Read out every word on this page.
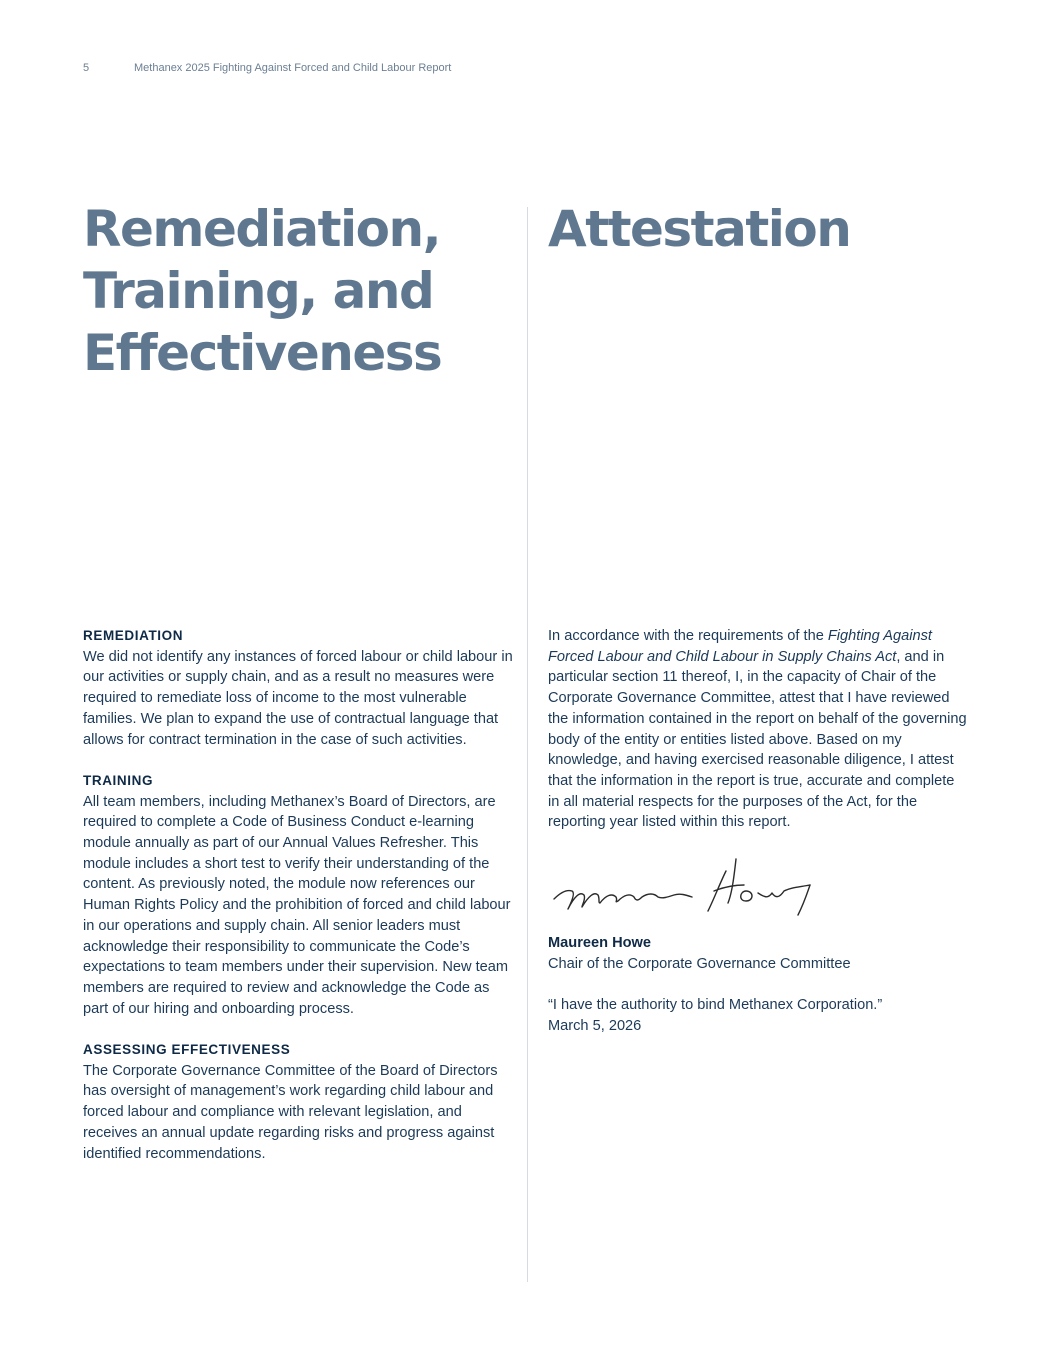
5	Methanex 2025 Fighting Against Forced and Child Labour Report
Remediation,
Training, and
Effectiveness
Attestation
REMEDIATION

We did not identify any instances of forced labour or child labour in our activities or supply chain, and as a result no measures were required to remediate loss of income to the most vulnerable families. We plan to expand the use of contractual language that allows for contract termination in the case of such activities.

TRAINING

All team members, including Methanex’s Board of Directors, are required to complete a Code of Business Conduct e-learning module annually as part of our Annual Values Refresher. This module includes a short test to verify their understanding of the content. As previously noted, the module now references our Human Rights Policy and the prohibition of forced and child labour in our operations and supply chain. All senior leaders must acknowledge their responsibility to communicate the Code’s expectations to team members under their supervision. New team members are required to review and acknowledge the Code as part of our hiring and onboarding process.

ASSESSING EFFECTIVENESS

The Corporate Governance Committee of the Board of Directors has oversight of management’s work regarding child labour and forced labour and compliance with relevant legislation, and receives an annual update regarding risks and progress against identified recommendations.

In accordance with the requirements of the Fighting Against Forced Labour and Child Labour in Supply Chains Act, and in particular section 11 thereof, I, in the capacity of Chair of the Corporate Governance Committee, attest that I have reviewed the information contained in the report on behalf of the governing body of the entity or entities listed above. Based on my knowledge, and having exercised reasonable diligence, I attest that the information in the report is true, accurate and complete in all material respects for the purposes of the Act, for the reporting year listed within this report.

Maureen Howe

Chair of the Corporate Governance Committee

“I have the authority to bind Methanex Corporation.”

March 5, 2026
